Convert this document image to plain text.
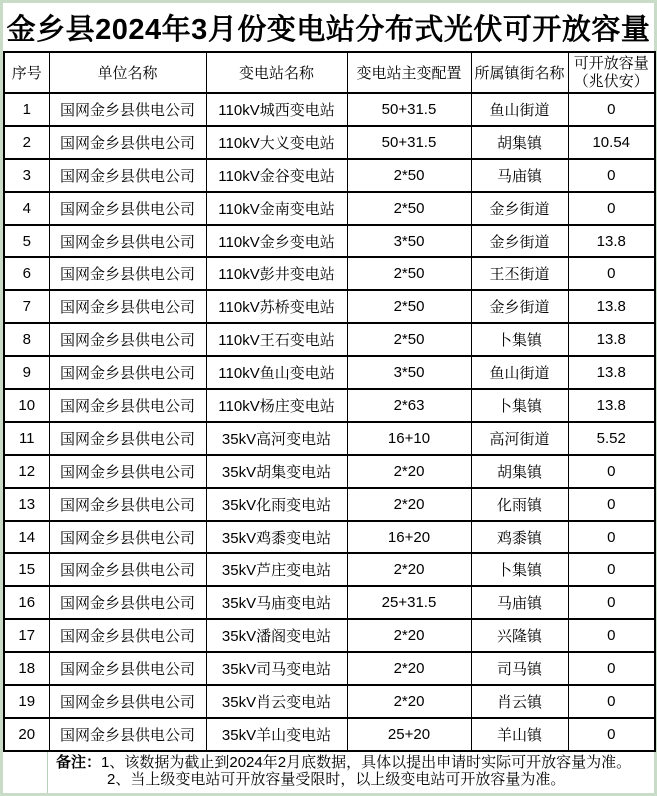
金乡县2024年3月份变电站分布式光伏可开放容量
序号	单位名称	变电站名称	变电站主变配置	所属镇街名称	可开放容量
（兆伏安）

1	国网金乡县供电公司	110kV城西变电站	50+31.5	鱼山街道	0
2	国网金乡县供电公司	110kV大义变电站	50+31.5	胡集镇	10.54
3	国网金乡县供电公司	110kV金谷变电站	2*50	马庙镇	0
4	国网金乡县供电公司	110kV金南变电站	2*50	金乡街道	0
5	国网金乡县供电公司	110kV金乡变电站	3*50	金乡街道	13.8
6	国网金乡县供电公司	110kV彭井变电站	2*50	王丕街道	0
7	国网金乡县供电公司	110kV苏桥变电站	2*50	金乡街道	13.8
8	国网金乡县供电公司	110kV王石变电站	2*50	卜集镇	13.8
9	国网金乡县供电公司	110kV鱼山变电站	3*50	鱼山街道	13.8
10	国网金乡县供电公司	110kV杨庄变电站	2*63	卜集镇	13.8
11	国网金乡县供电公司	35kV高河变电站	16+10	高河街道	5.52
12	国网金乡县供电公司	35kV胡集变电站	2*20	胡集镇	0
13	国网金乡县供电公司	35kV化雨变电站	2*20	化雨镇	0
14	国网金乡县供电公司	35kV鸡黍变电站	16+20	鸡黍镇	0
15	国网金乡县供电公司	35kV芦庄变电站	2*20	卜集镇	0
16	国网金乡县供电公司	35kV马庙变电站	25+31.5	马庙镇	0
17	国网金乡县供电公司	35kV潘阁变电站	2*20	兴隆镇	0
18	国网金乡县供电公司	35kV司马变电站	2*20	司马镇	0
19	国网金乡县供电公司	35kV肖云变电站	2*20	肖云镇	0
20	国网金乡县供电公司	35kV羊山变电站	25+20	羊山镇	0
备注：1、该数据为截止到2024年2月底数据，具体以提出申请时实际可开放容量为准。
2、当上级变电站可开放容量受限时，以上级变电站可开放容量为准。
